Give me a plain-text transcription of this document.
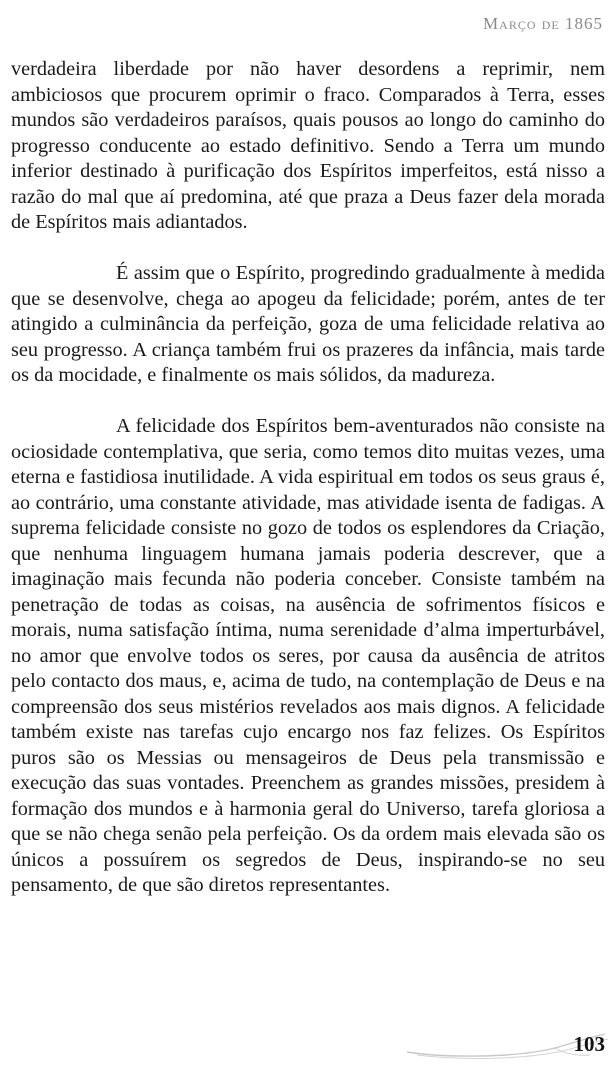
Março de 1865

verdadeira liberdade por não haver desordens a reprimir, nem ambiciosos que procurem oprimir o fraco. Comparados à Terra, esses mundos são verdadeiros paraísos, quais pousos ao longo do caminho do progresso conducente ao estado definitivo. Sendo a Terra um mundo inferior destinado à purificação dos Espíritos imperfeitos, está nisso a razão do mal que aí predomina, até que praza a Deus fazer dela morada de Espíritos mais adiantados.

É assim que o Espírito, progredindo gradualmente à medida que se desenvolve, chega ao apogeu da felicidade; porém, antes de ter atingido a culminância da perfeição, goza de uma felicidade relativa ao seu progresso. A criança também frui os prazeres da infância, mais tarde os da mocidade, e finalmente os mais sólidos, da madureza.

A felicidade dos Espíritos bem-aventurados não consiste na ociosidade contemplativa, que seria, como temos dito muitas vezes, uma eterna e fastidiosa inutilidade. A vida espiritual em todos os seus graus é, ao contrário, uma constante atividade, mas atividade isenta de fadigas. A suprema felicidade consiste no gozo de todos os esplendores da Criação, que nenhuma linguagem humana jamais poderia descrever, que a imaginação mais fecunda não poderia conceber. Consiste também na penetração de todas as coisas, na ausência de sofrimentos físicos e morais, numa satisfação íntima, numa serenidade d’alma imperturbável, no amor que envolve todos os seres, por causa da ausência de atritos pelo contacto dos maus, e, acima de tudo, na contemplação de Deus e na compreensão dos seus mistérios revelados aos mais dignos. A felicidade também existe nas tarefas cujo encargo nos faz felizes. Os Espíritos puros são os Messias ou mensageiros de Deus pela transmissão e execução das suas vontades. Preenchem as grandes missões, presidem à formação dos mundos e à harmonia geral do Universo, tarefa gloriosa a que se não chega senão pela perfeição. Os da ordem mais elevada são os únicos a possuírem os segredos de Deus, inspirando-se no seu pensamento, de que são diretos representantes.

103
